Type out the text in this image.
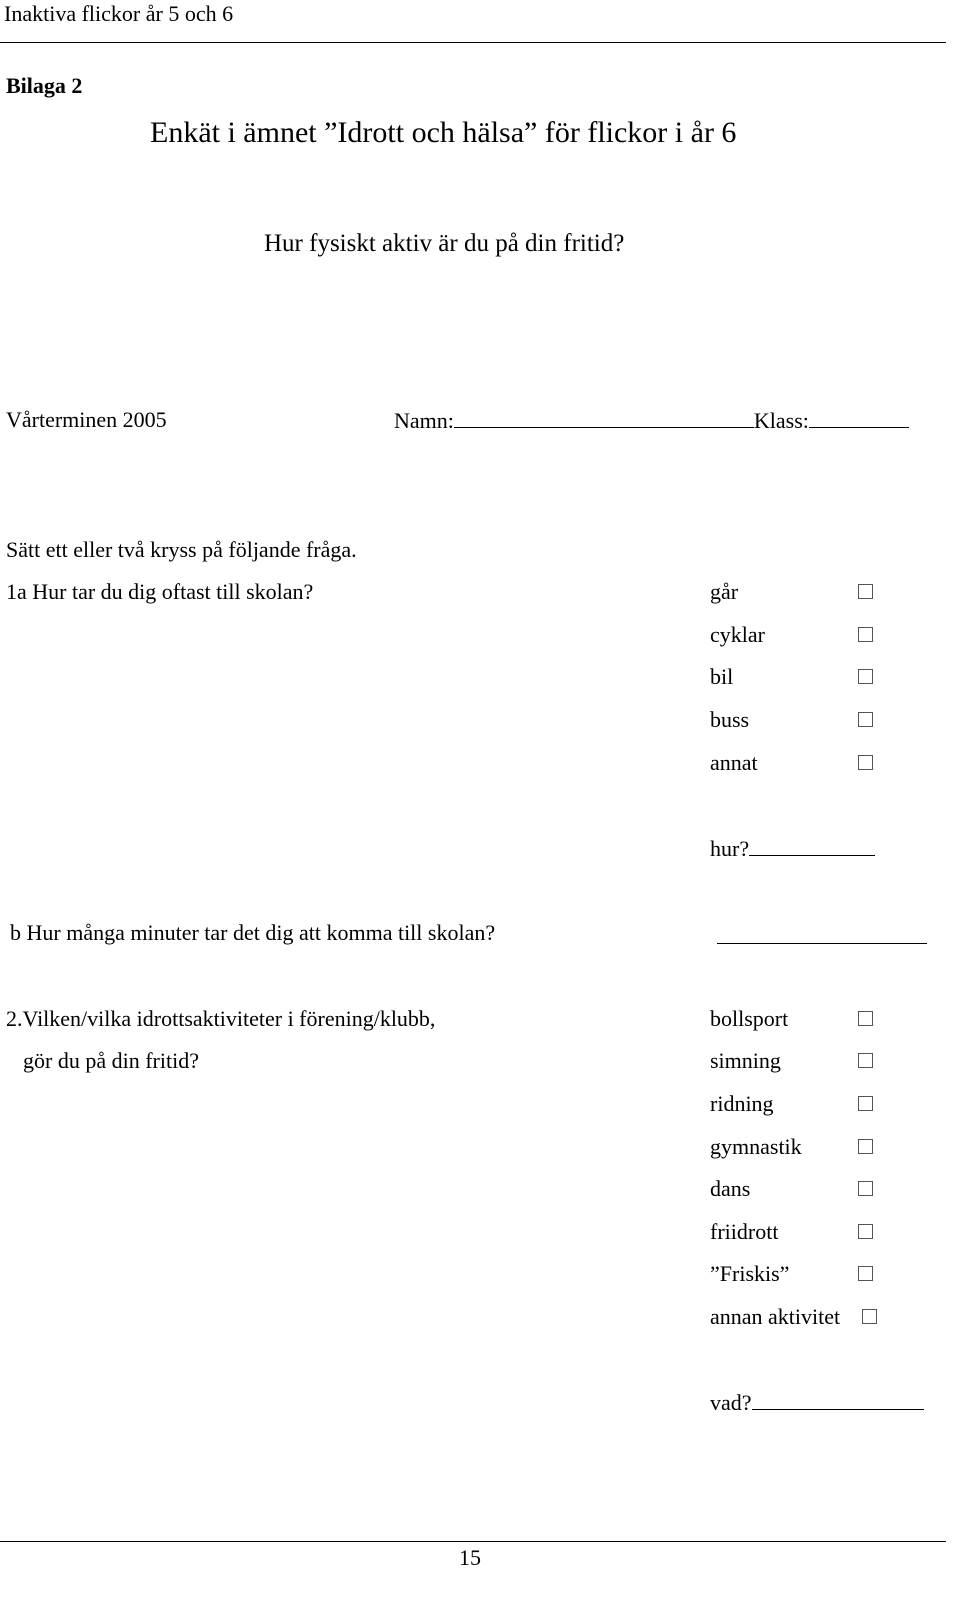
Inaktiva flickor år 5 och 6
Bilaga 2
Enkät i ämnet ”Idrott och hälsa” för flickor i år 6
Hur fysiskt aktiv är du på din fritid?
Vårterminen 2005	Namn:	Klass:
Sätt ett eller två kryss på följande fråga.
1a Hur tar du dig oftast till skolan?	går
cyklar
bil
buss
annat
hur?
b Hur många minuter tar det dig att komma till skolan?
2.Vilken/vilka idrottsaktiviteter i förening/klubb,
gör du på din fritid?
bollsport
simning
ridning
gymnastik
dans
friidrott
”Friskis”
annan aktivitet
vad?
15
